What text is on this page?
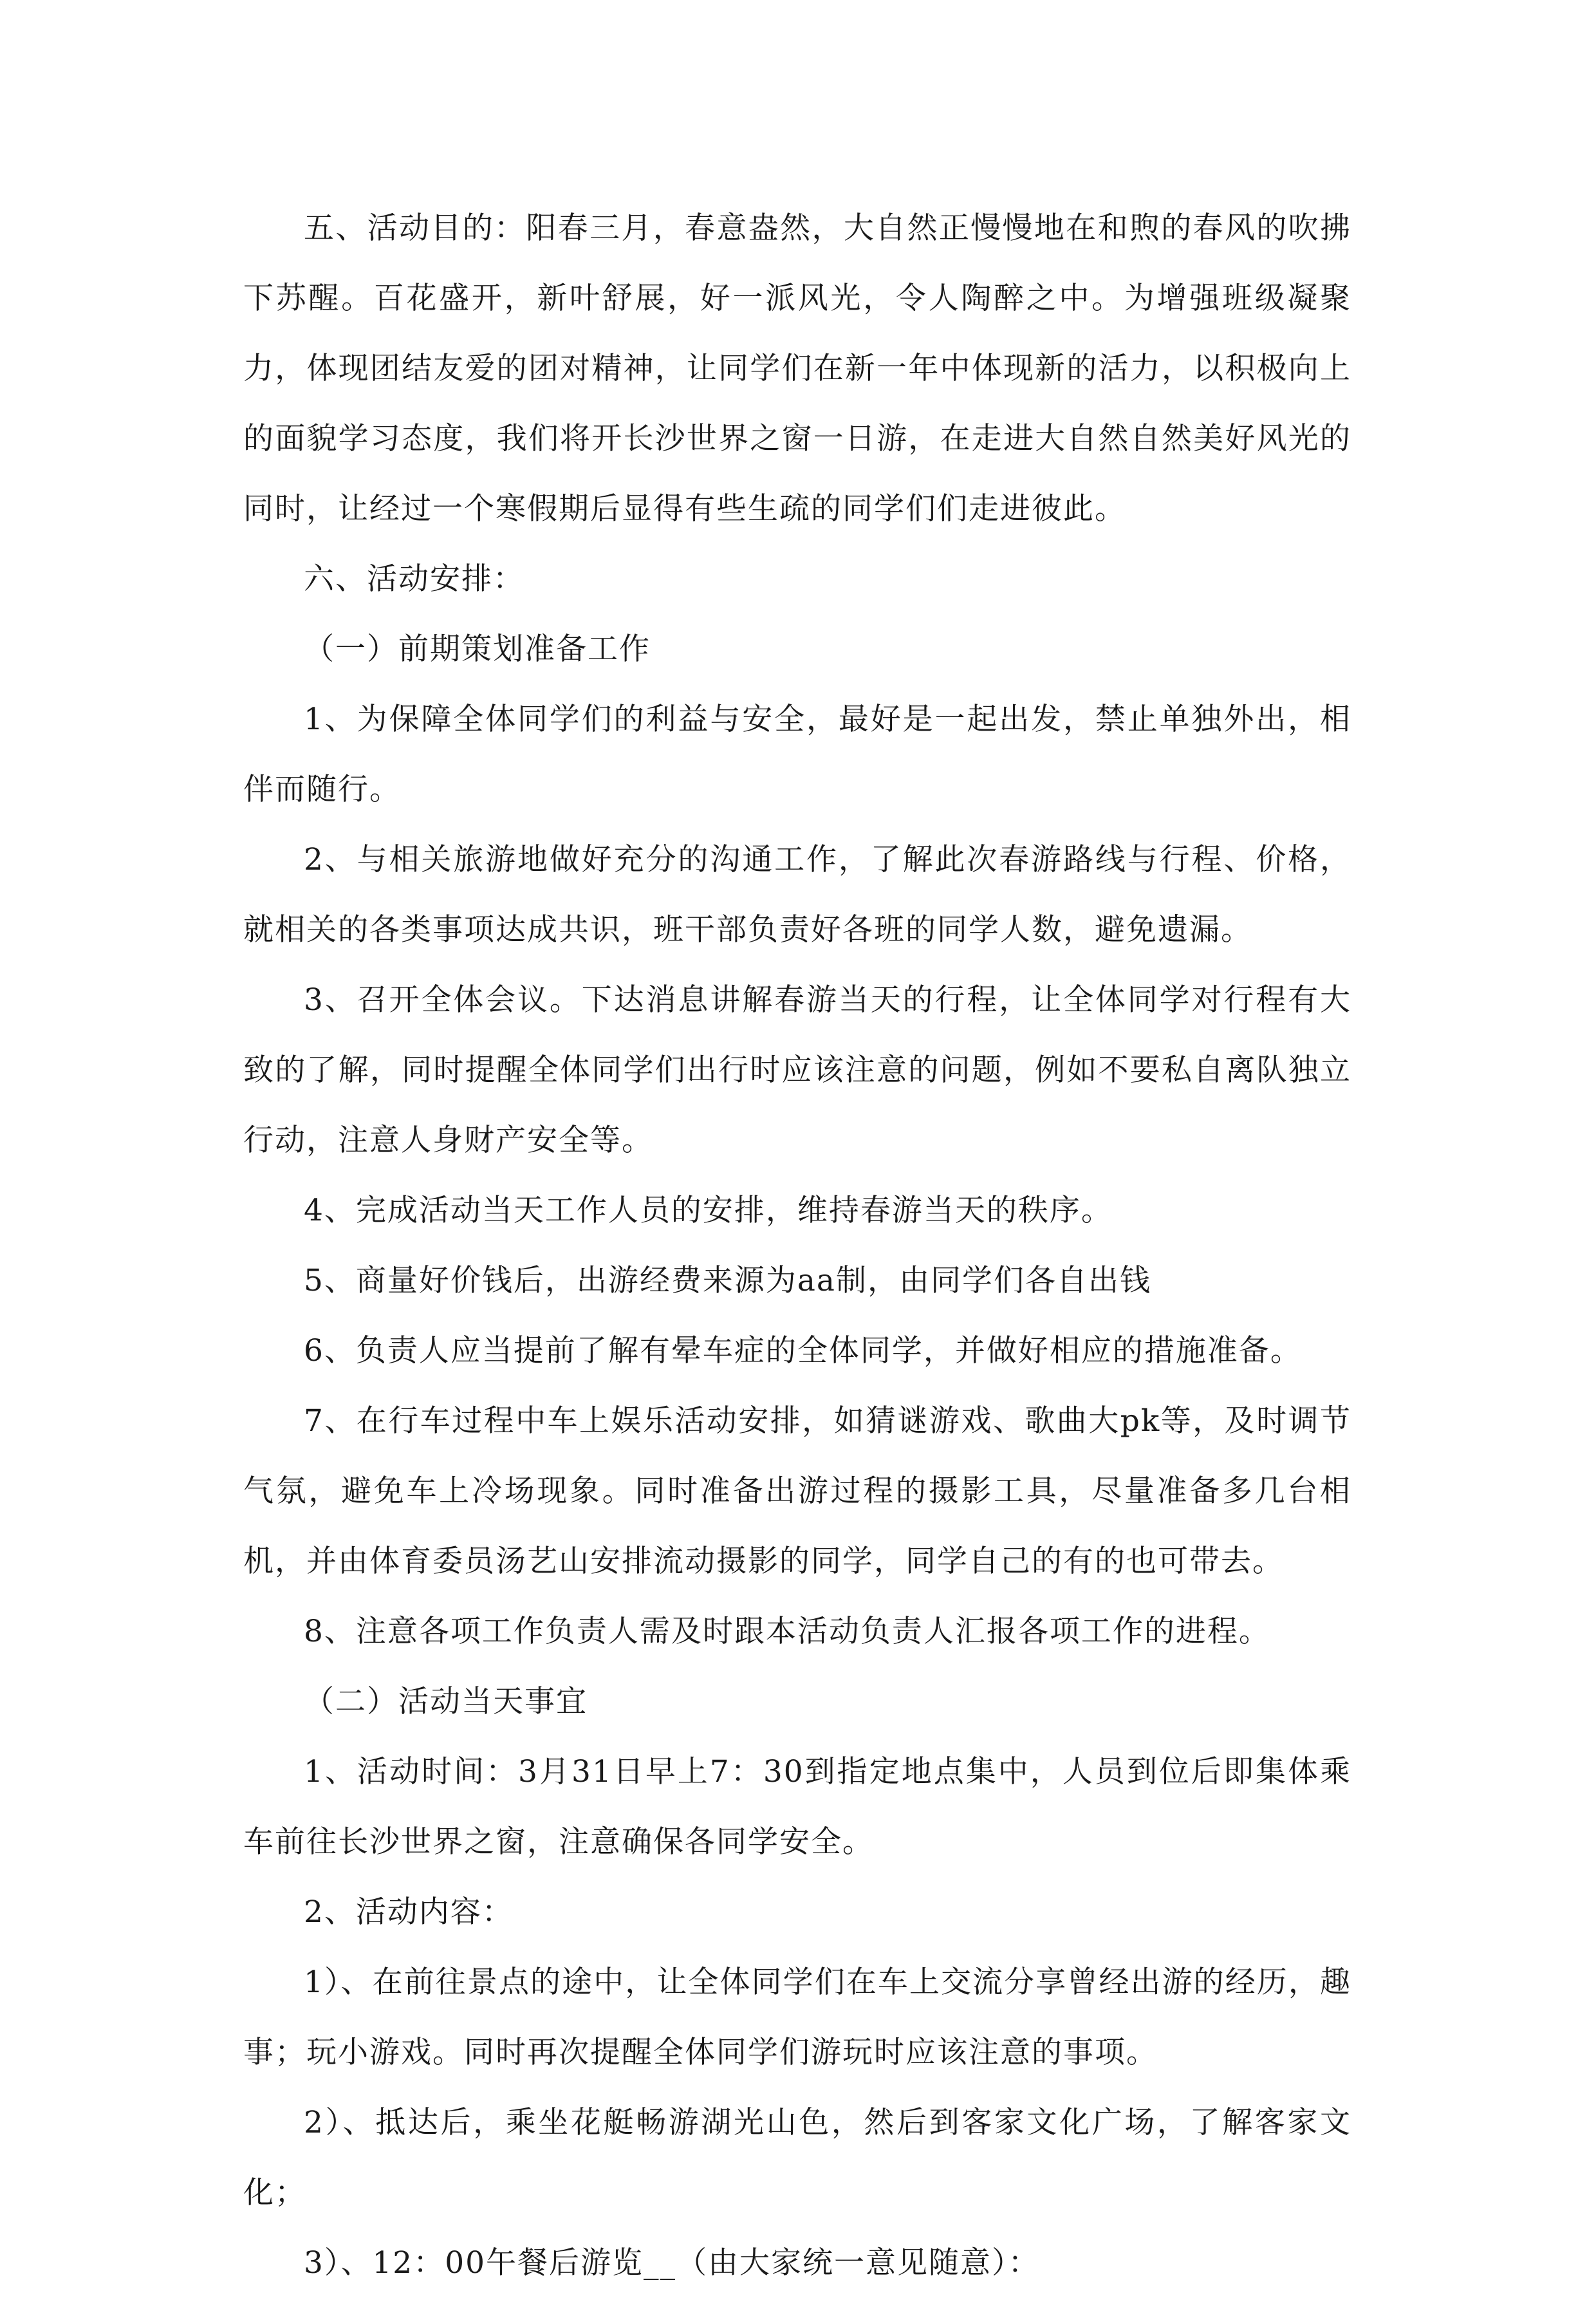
五、活动目的：阳春三月，春意盎然，大自然正慢慢地在和煦的春风的吹拂下苏醒。百花盛开，新叶舒展，好一派风光，令人陶醉之中。为增强班级凝聚力，体现团结友爱的团对精神，让同学们在新一年中体现新的活力，以积极向上的面貌学习态度，我们将开长沙世界之窗一日游，在走进大自然自然美好风光的同时，让经过一个寒假期后显得有些生疏的同学们们走进彼此。

六、活动安排：

（一）前期策划准备工作

1、为保障全体同学们的利益与安全，最好是一起出发，禁止单独外出，相伴而随行。

2、与相关旅游地做好充分的沟通工作，了解此次春游路线与行程、价格，就相关的各类事项达成共识，班干部负责好各班的同学人数，避免遗漏。

3、召开全体会议。下达消息讲解春游当天的行程，让全体同学对行程有大致的了解，同时提醒全体同学们出行时应该注意的问题，例如不要私自离队独立行动，注意人身财产安全等。

4、完成活动当天工作人员的安排，维持春游当天的秩序。

5、商量好价钱后，出游经费来源为aa制，由同学们各自出钱

6、负责人应当提前了解有晕车症的全体同学，并做好相应的措施准备。

7、在行车过程中车上娱乐活动安排，如猜谜游戏、歌曲大pk等，及时调节气氛，避免车上冷场现象。同时准备出游过程的摄影工具，尽量准备多几台相机，并由体育委员汤艺山安排流动摄影的同学，同学自己的有的也可带去。

8、注意各项工作负责人需及时跟本活动负责人汇报各项工作的进程。

（二）活动当天事宜

1、活动时间：3月31日早上7：30到指定地点集中，人员到位后即集体乘车前往长沙世界之窗，注意确保各同学安全。

2、活动内容：

1）、在前往景点的途中，让全体同学们在车上交流分享曾经出游的经历，趣事；玩小游戏。同时再次提醒全体同学们游玩时应该注意的事项。

2）、抵达后，乘坐花艇畅游湖光山色，然后到客家文化广场，了解客家文化；

3）、12：00午餐后游览__（由大家统一意见随意）：
